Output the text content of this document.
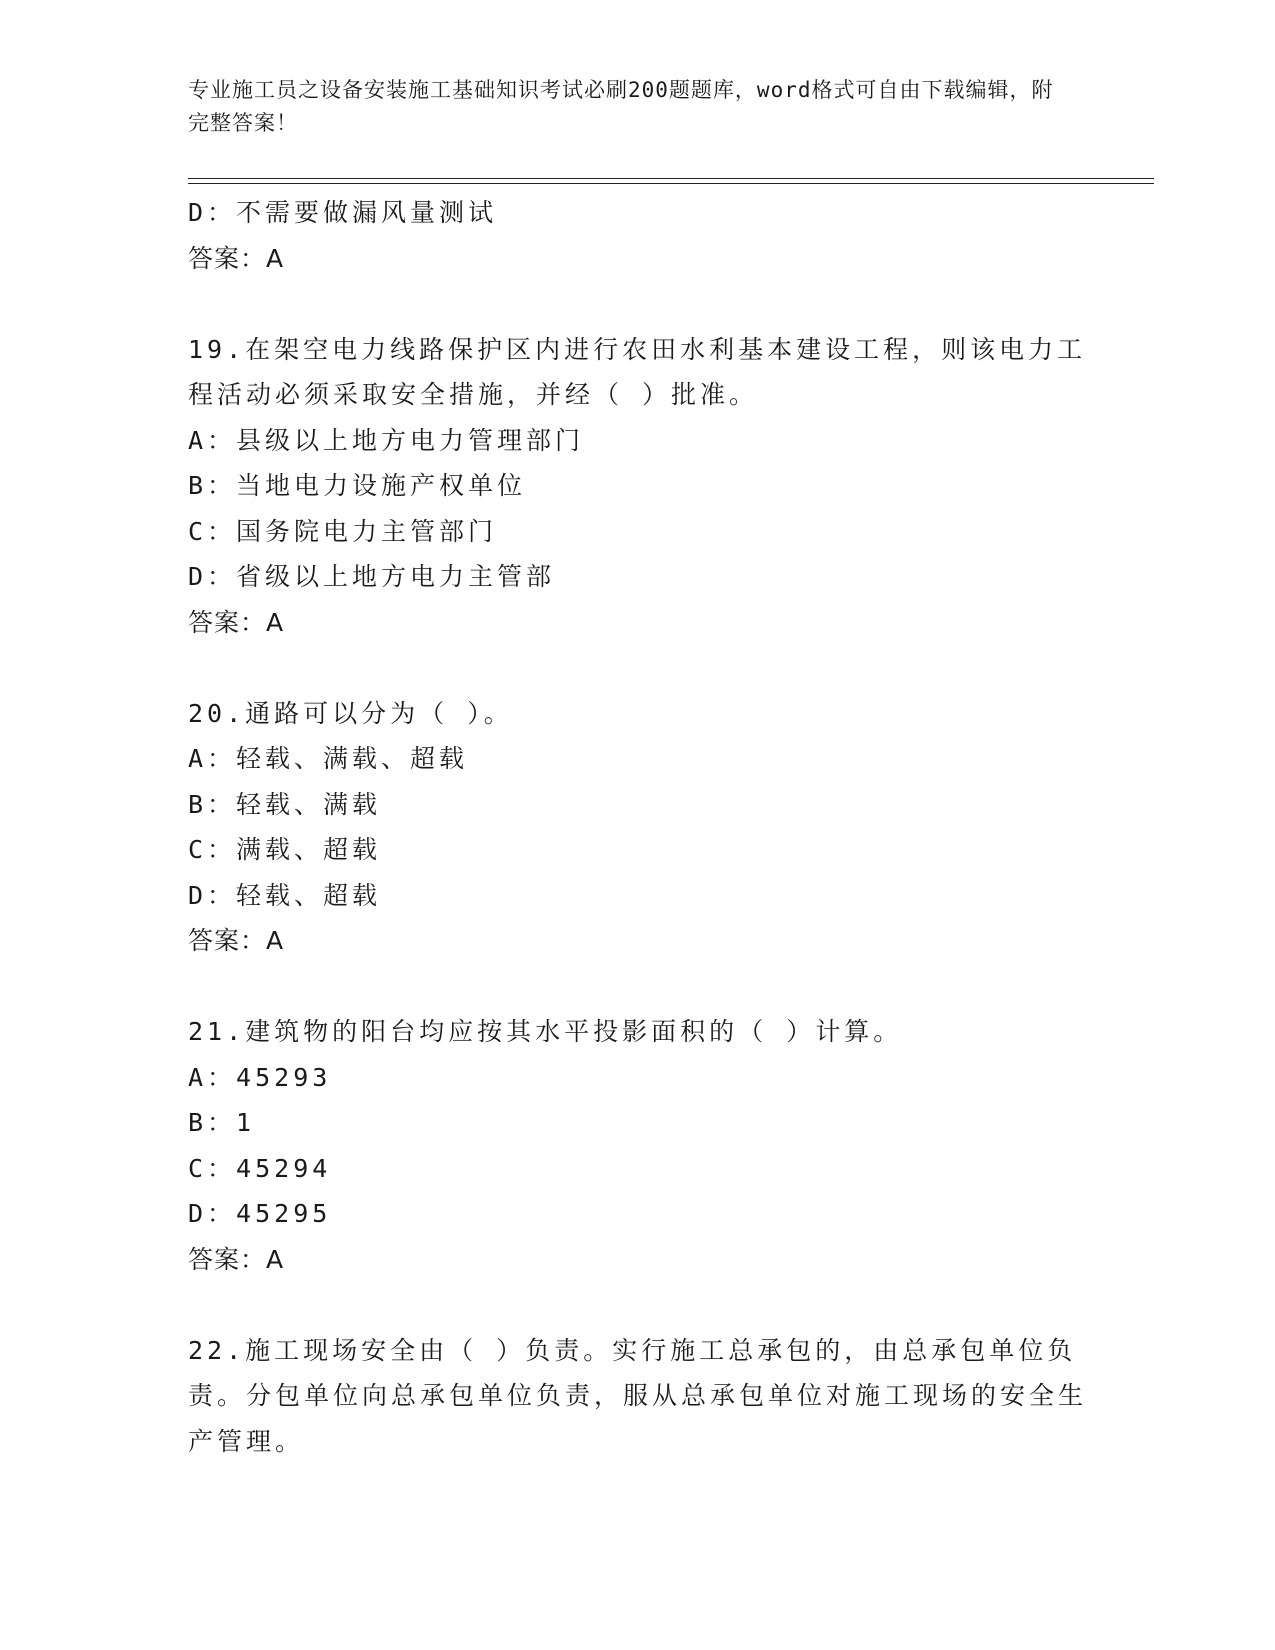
专业施工员之设备安装施工基础知识考试必刷200题题库，word格式可自由下载编辑，附完整答案！
D：不需要做漏风量测试
答案：A
19.在架空电力线路保护区内进行农田水利基本建设工程，则该电力工程活动必须采取安全措施，并经（ ）批准。
A：县级以上地方电力管理部门
B：当地电力设施产权单位
C：国务院电力主管部门
D：省级以上地方电力主管部
答案：A
20.通路可以分为（ ）。
A：轻载、满载、超载
B：轻载、满载
C：满载、超载
D：轻载、超载
答案：A
21.建筑物的阳台均应按其水平投影面积的（ ）计算。
A：45293
B：1
C：45294
D：45295
答案：A
22.施工现场安全由（ ）负责。实行施工总承包的，由总承包单位负责。分包单位向总承包单位负责，服从总承包单位对施工现场的安全生产管理。
